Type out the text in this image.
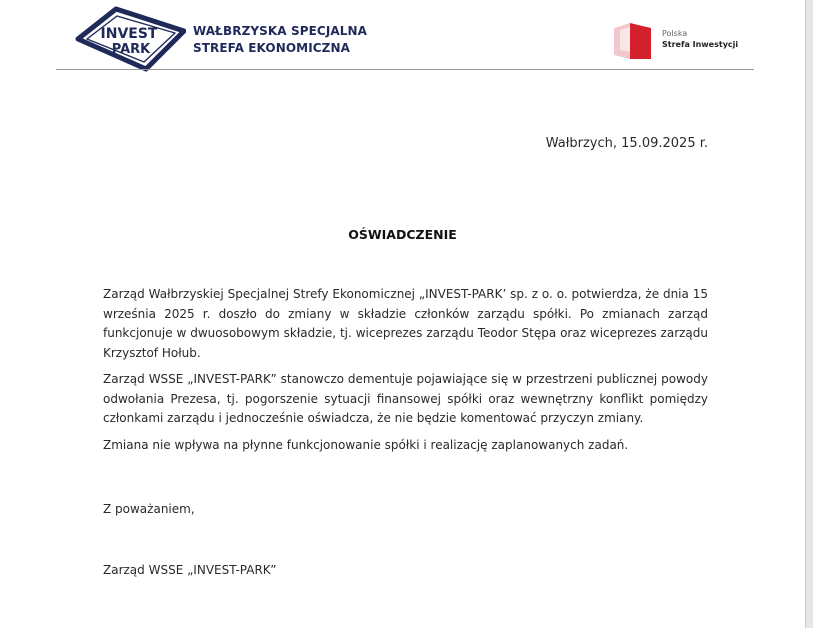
INVEST
PARK
WAŁBRZYSKA SPECJALNA
STREFA EKONOMICZNA
Polska
Strefa Inwestycji
Wałbrzych, 15.09.2025 r.
OŚWIADCZENIE

Zarząd Wałbrzyskiej Specjalnej Strefy Ekonomicznej „INVEST-PARK’ sp. z o. o. potwierdza, że dnia 15 września 2025 r. doszło do zmiany w składzie członków zarządu spółki. Po zmianach zarząd funkcjonuje w dwuosobowym składzie, tj. wiceprezes zarządu Teodor Stępa oraz wiceprezes zarządu Krzysztof Hołub.

Zarząd WSSE „INVEST-PARK” stanowczo dementuje pojawiające się w przestrzeni publicznej powody odwołania Prezesa, tj. pogorszenie sytuacji finansowej spółki oraz wewnętrzny konflikt pomiędzy członkami zarządu i jednocześnie oświadcza, że nie będzie komentować przyczyn zmiany.

Zmiana nie wpływa na płynne funkcjonowanie spółki i realizację zaplanowanych zadań.

Z poważaniem,
Zarząd WSSE „INVEST-PARK”
